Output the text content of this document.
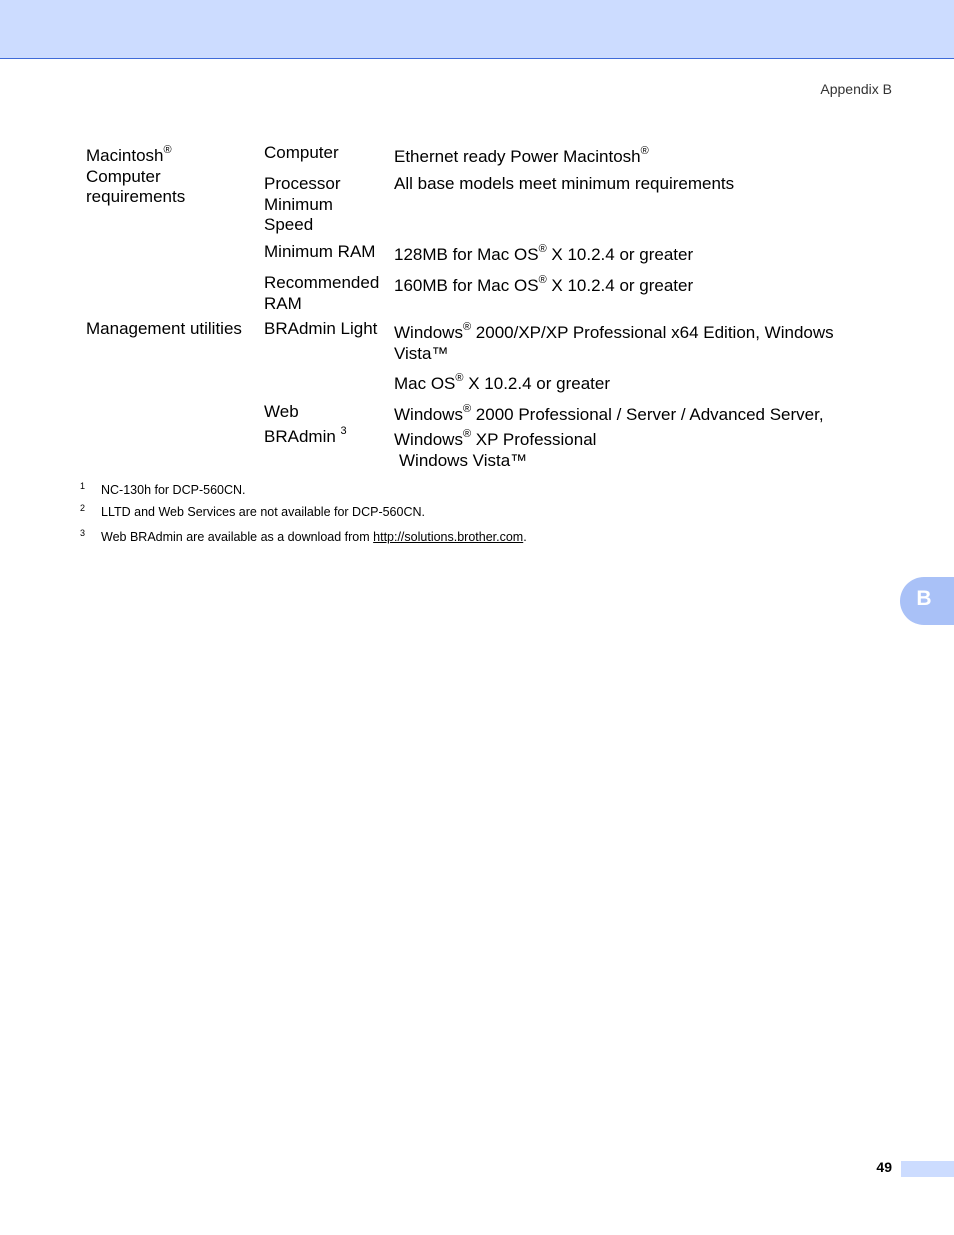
Appendix B
Macintosh®
Computer
requirements
Management utilities
Computer
Processor
Minimum
Speed
Minimum RAM
Recommended
RAM
BRAdmin Light
Web
BRAdmin $^3$
Ethernet ready Power Macintosh®
All base models meet minimum requirements
128MB for Mac OS® X 10.2.4 or greater
160MB for Mac OS® X 10.2.4 or greater
Windows® 2000/XP/XP Professional x64 Edition, Windows
Vista™
Mac OS® X 10.2.4 or greater
Windows® 2000 Professional / Server / Advanced Server,
Windows® XP Professional
Windows Vista™
1 NC-130h for DCP-560CN.
2 LLTD and Web Services are not available for DCP-560CN.
3 Web BRAdmin are available as a download from http://solutions.brother.com.
B
49
